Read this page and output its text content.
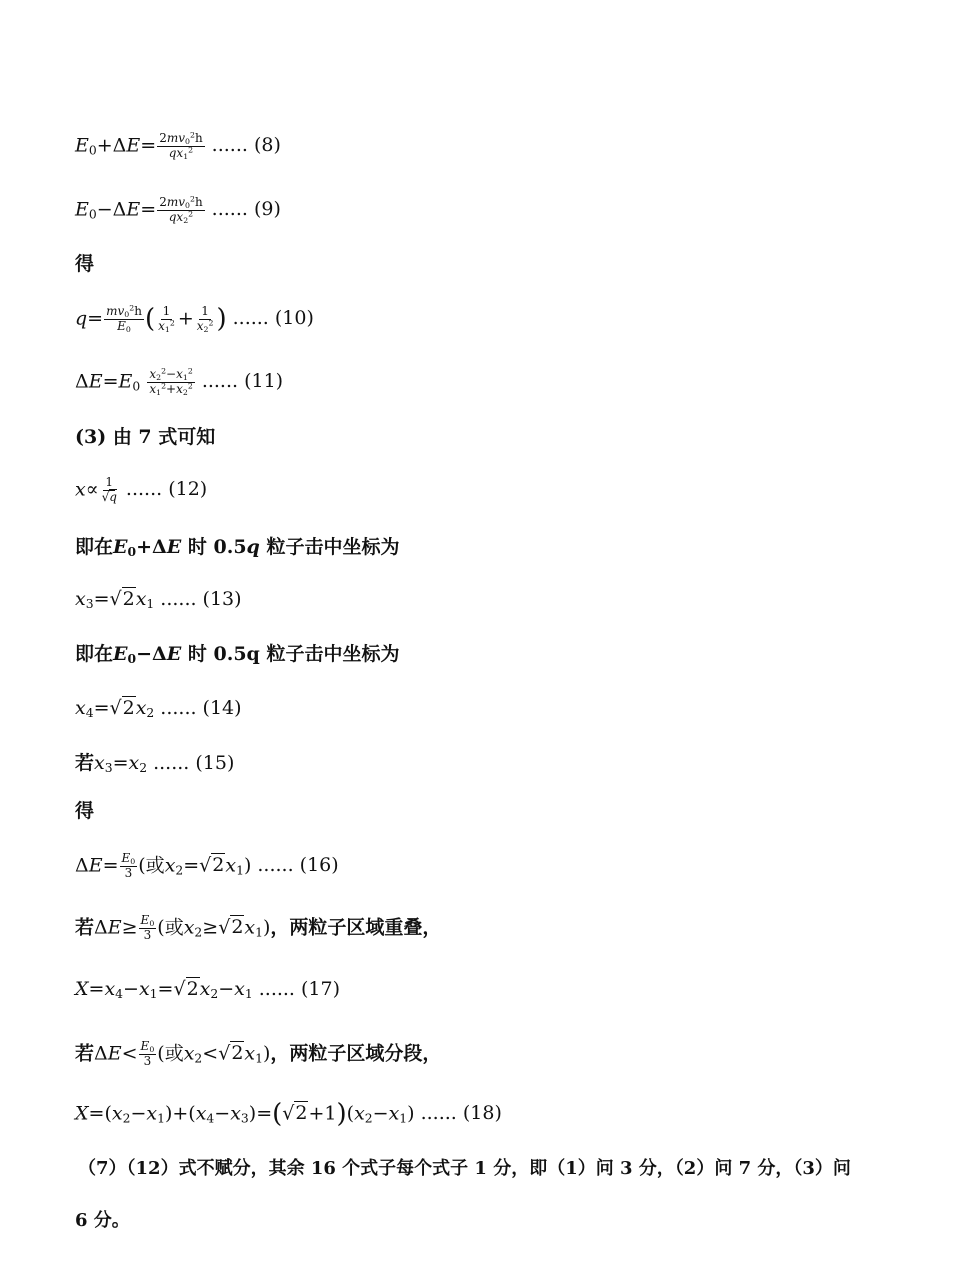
$E_0+\Delta E= \frac{2mv_0^2h}{qx_1^2}$ ...... (8)
$E_0-\Delta E= \frac{2mv_0^2h}{qx_2^2}$ ...... (9)
得
$q= \frac{mv_0^2h}{E_0}$ ( $\frac{1}{x_1^2} + \frac{1}{x_2^2}$ ) ...... (10)
$\Delta E=E_0 \frac{x_2^2-x_1^2}{x_1^2+x_2^2}$ ...... (11)
(3) 由 7 式可知
$x\propto \frac{1}{√q}$ ...... (12)
即在$E_0+\Delta E$ 时 0.5q 粒子击中坐标为
$x_3=√2x_1$ ...... (13)
即在$E_0-\Delta E$ 时 0.5q 粒子击中坐标为
$x_4=√2x_2$ ...... (14)
若$x_3=x_2$ ...... (15)
得
$\Delta E= \frac{E_0}{3}$ (或$x_2=√2x_1$) ...... (16)
若$\Delta E\ge \frac{E_0}{3}$ (或$x_2\ge√2x_1$)，两粒子区域重叠，
$X=x_4-x_1=√2x_2-x_1$ ...... (17)
若$\Delta E< \frac{E_0}{3}$ (或$x_2<√2x_1$)，两粒子区域分段，
$X=(x_2-x_1)+(x_4-x_3)=(√2+1)(x_2-x_1)$ ...... (18)
（7）（12）式不赋分，其余 16 个式子每个式子 1 分，即（1）问 3 分，（2）问 7 分，（3）问
6 分。
